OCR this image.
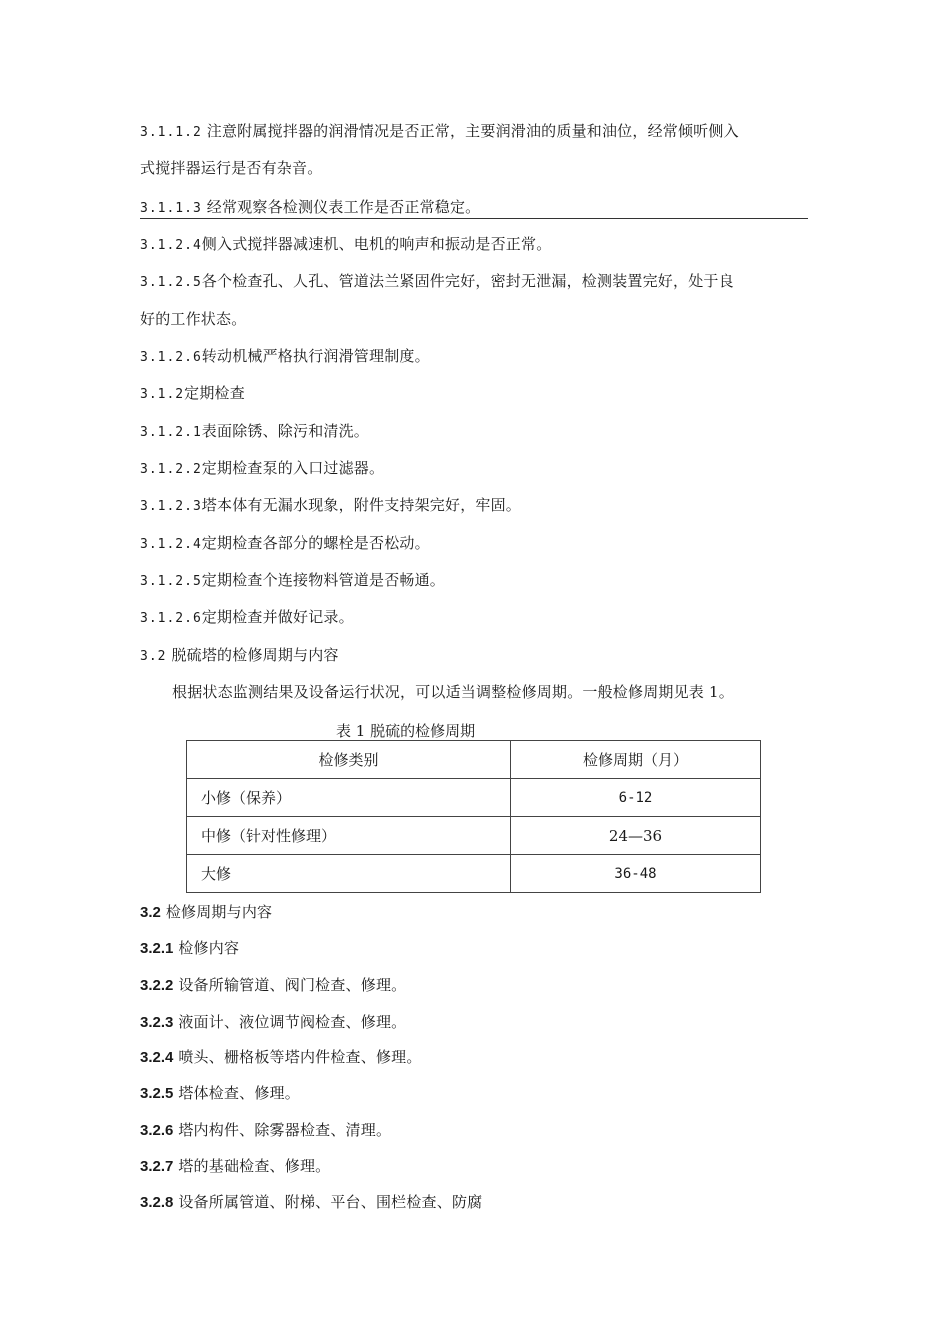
3.1.1.2 注意附属搅拌器的润滑情况是否正常，主要润滑油的质量和油位，经常倾听侧入
式搅拌器运行是否有杂音。
3.1.1.3 经常观察各检测仪表工作是否正常稳定。
3.1.2.4侧入式搅拌器减速机、电机的响声和振动是否正常。
3.1.2.5各个检查孔、人孔、管道法兰紧固件完好，密封无泄漏，检测装置完好，处于良
好的工作状态。
3.1.2.6转动机械严格执行润滑管理制度。
3.1.2定期检查
3.1.2.1表面除锈、除污和清洗。
3.1.2.2定期检查泵的入口过滤器。
3.1.2.3塔本体有无漏水现象，附件支持架完好，牢固。
3.1.2.4定期检查各部分的螺栓是否松动。
3.1.2.5定期检查个连接物料管道是否畅通。
3.1.2.6定期检查并做好记录。
3.2 脱硫塔的检修周期与内容
根据状态监测结果及设备运行状况，可以适当调整检修周期。一般检修周期见表 1。
表 1 脱硫的检修周期
检修类别	检修周期（月）
小修（保养）	6-12
中修（针对性修理）	24—36
大修	36-48
3.2 检修周期与内容
3.2.1 检修内容
3.2.2 设备所输管道、阀门检查、修理。
3.2.3 液面计、液位调节阀检查、修理。
3.2.4 喷头、栅格板等塔内件检查、修理。
3.2.5 塔体检查、修理。
3.2.6 塔内构件、除雾器检查、清理。
3.2.7 塔的基础检查、修理。
3.2.8 设备所属管道、附梯、平台、围栏检查、防腐
